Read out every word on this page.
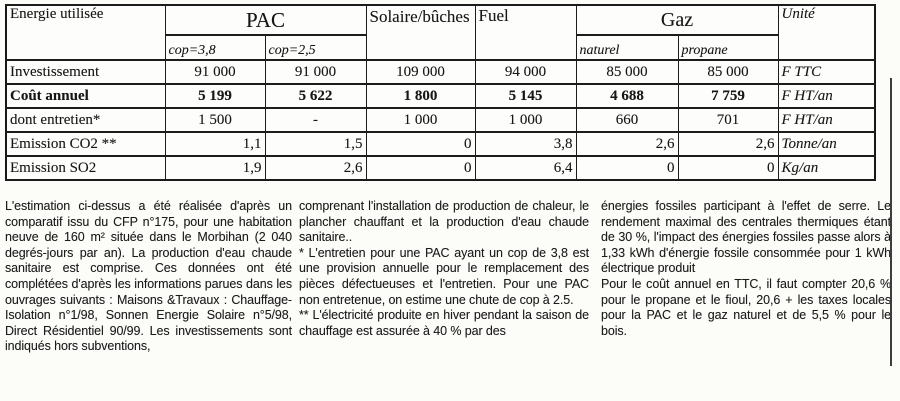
Energie utilisée	PAC		Solaire/bûches	Fuel	Gaz		Unité
	cop=3,8	cop=2,5			naturel	propane	
Investissement	91 000	91 000	109 000	94 000	85 000	85 000	F TTC
Coût annuel	5 199	5 622	1 800	5 145	4 688	7 759	F HT/an
dont entretien*	1 500	-	1 000	1 000	660	701	F HT/an
Emission CO2 **	1,1	1,5	0	3,8	2,6	2,6	Tonne/an
Emission SO2	1,9	2,6	0	6,4	0	0	Kg/an

L'estimation ci-dessus a été réalisée d'après un comparatif issu du CFP n°175, pour une habitation neuve de 160 m² située dans le Morbihan (2 040 degrés-jours par an). La production d'eau chaude sanitaire est comprise. Ces données ont été complétées d'après les informations parues dans les ouvrages suivants : Maisons &Travaux : Chauffage-Isolation n°1/98, Sonnen Energie Solaire n°5/98, Direct Résidentiel 90/99. Les investissements sont indiqués hors subventions,

comprenant l'installation de production de chaleur, le plancher chauffant et la production d'eau chaude sanitaire..

* L'entretien pour une PAC ayant un cop de 3,8 est une provision annuelle pour le remplacement des pièces défectueuses et l'entretien. Pour une PAC non entretenue, on estime une chute de cop à 2.5.

** L'électricité produite en hiver pendant la saison de chauffage est assurée à 40 % par des

énergies fossiles participant à l'effet de serre. Le rendement maximal des centrales thermiques étant de 30 %, l'impact des énergies fossiles passe alors à 1,33 kWh d'énergie fossile consommée pour 1 kWh électrique produit

Pour le coût annuel en TTC, il faut compter 20,6 % pour le propane et le fioul, 20,6 + les taxes locales pour la PAC et le gaz naturel et de 5,5 % pour le bois.
